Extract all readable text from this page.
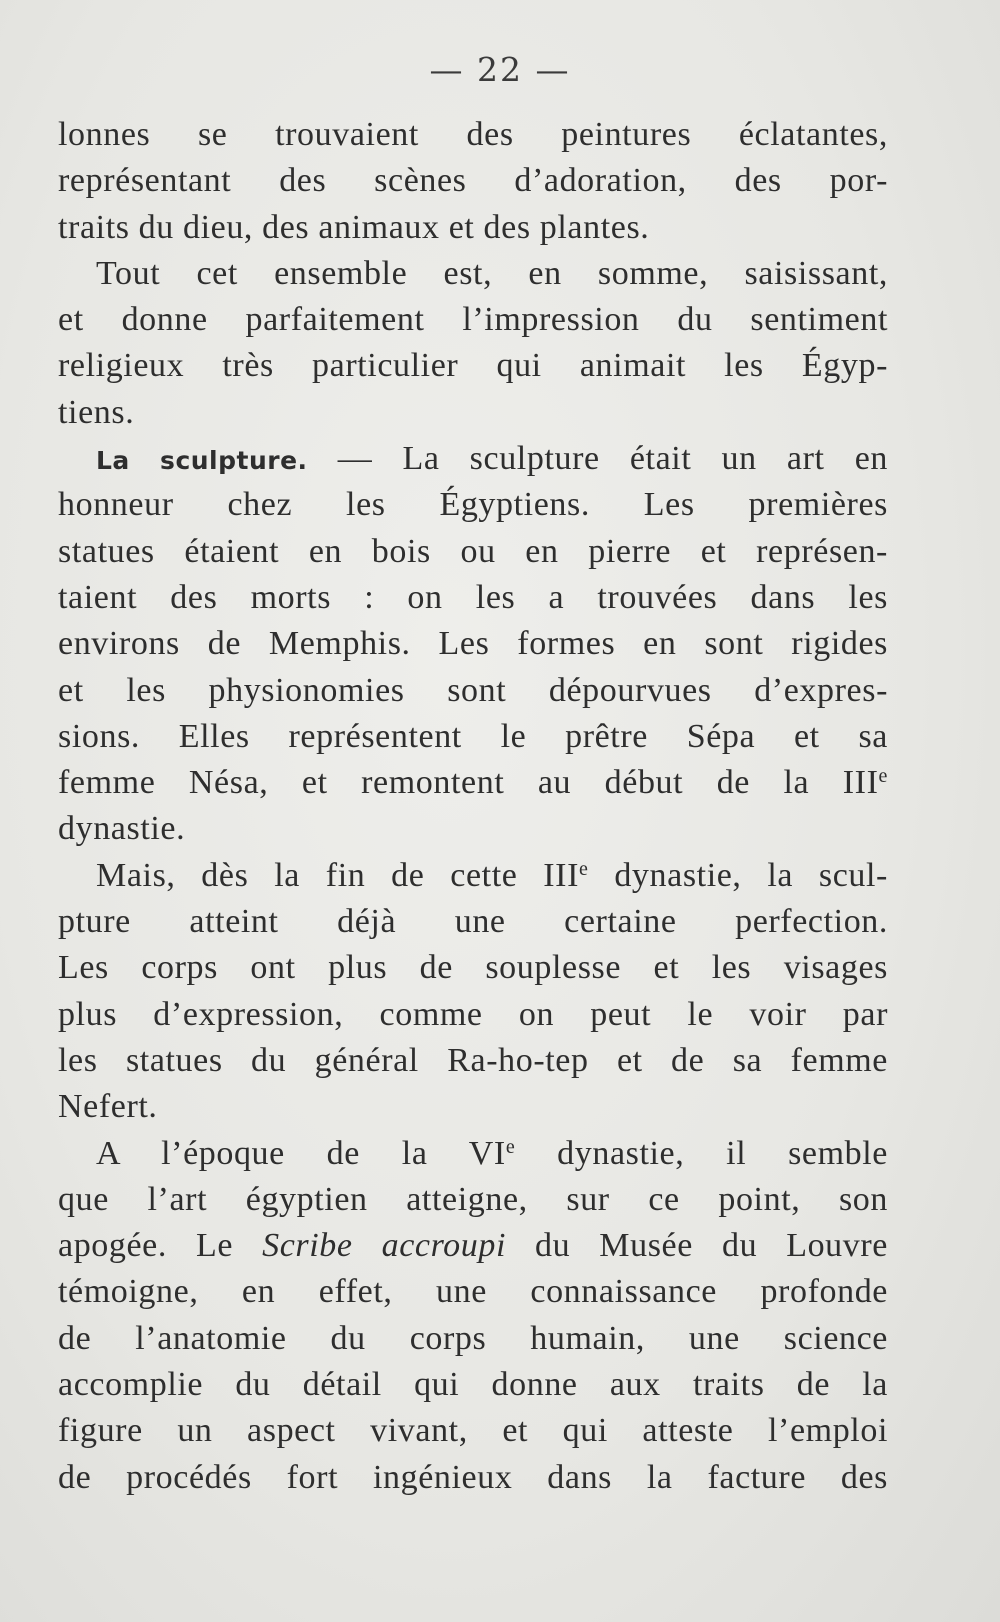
— 22 —
lonnes se trouvaient des peintures éclatantes,
représentant des scènes d’adoration, des por-
traits du dieu, des animaux et des plantes.
Tout cet ensemble est, en somme, saisissant,
et donne parfaitement l’impression du sentiment
religieux très particulier qui animait les Égyp-
tiens.
La sculpture. — La sculpture était un art en
honneur chez les Égyptiens. Les premières
statues étaient en bois ou en pierre et représen-
taient des morts : on les a trouvées dans les
environs de Memphis. Les formes en sont rigides
et les physionomies sont dépourvues d’expres-
sions. Elles représentent le prêtre Sépa et sa
femme Nésa, et remontent au début de la IIIe
dynastie.
Mais, dès la fin de cette IIIe dynastie, la scul-
pture atteint déjà une certaine perfection.
Les corps ont plus de souplesse et les visages
plus d’expression, comme on peut le voir par
les statues du général Ra-ho-tep et de sa femme
Nefert.
A l’époque de la VIe dynastie, il semble
que l’art égyptien atteigne, sur ce point, son
apogée. Le Scribe accroupi du Musée du Louvre
témoigne, en effet, une connaissance profonde
de l’anatomie du corps humain, une science
accomplie du détail qui donne aux traits de la
figure un aspect vivant, et qui atteste l’emploi
de procédés fort ingénieux dans la facture des
